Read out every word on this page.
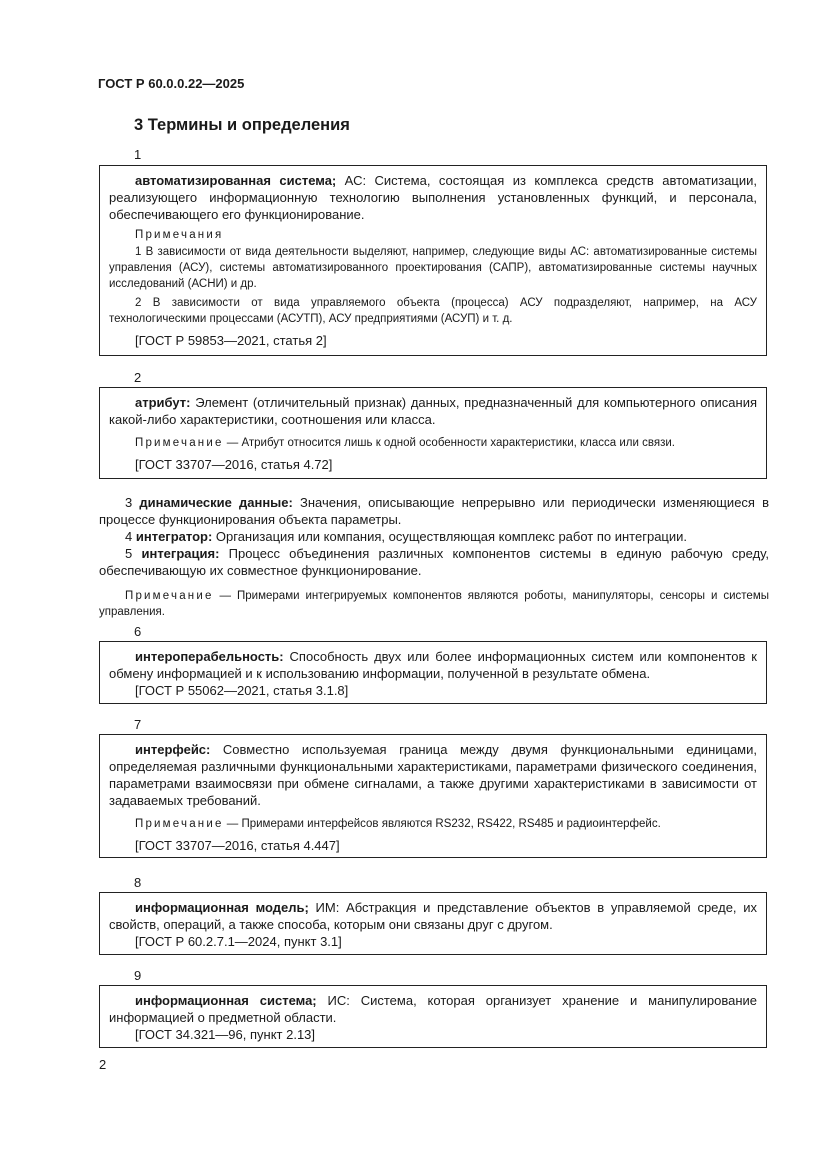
ГОСТ Р 60.0.0.22—2025
3 Термины и определения
1

автоматизированная система; АС: Система, состоящая из комплекса средств автоматизации, реализующего информационную технологию выполнения установленных функций, и персонала, обеспечивающего его функционирование.

Примечания

1 В зависимости от вида деятельности выделяют, например, следующие виды АС: автоматизированные системы управления (АСУ), системы автоматизированного проектирования (САПР), автоматизированные системы научных исследований (АСНИ) и др.

2 В зависимости от вида управляемого объекта (процесса) АСУ подразделяют, например, на АСУ технологическими процессами (АСУТП), АСУ предприятиями (АСУП) и т. д.

[ГОСТ Р 59853—2021, статья 2]

2

атрибут: Элемент (отличительный признак) данных, предназначенный для компьютерного описания какой-либо характеристики, соотношения или класса.

Примечание — Атрибут относится лишь к одной особенности характеристики, класса или связи.

[ГОСТ 33707—2016, статья 4.72]

3 динамические данные: Значения, описывающие непрерывно или периодически изменяющиеся в процессе функционирования объекта параметры.

4 интегратор: Организация или компания, осуществляющая комплекс работ по интеграции.

5 интеграция: Процесс объединения различных компонентов системы в единую рабочую среду, обеспечивающую их совместное функционирование.

Примечание — Примерами интегрируемых компонентов являются роботы, манипуляторы, сенсоры и системы управления.

6

интероперабельность: Способность двух или более информационных систем или компонентов к обмену информацией и к использованию информации, полученной в результате обмена.

[ГОСТ Р 55062—2021, статья 3.1.8]

7

интерфейс: Совместно используемая граница между двумя функциональными единицами, определяемая различными функциональными характеристиками, параметрами физического соединения, параметрами взаимосвязи при обмене сигналами, а также другими характеристиками в зависимости от задаваемых требований.

Примечание — Примерами интерфейсов являются RS232, RS422, RS485 и радиоинтерфейс.

[ГОСТ 33707—2016, статья 4.447]

8

информационная модель; ИМ: Абстракция и представление объектов в управляемой среде, их свойств, операций, а также способа, которым они связаны друг с другом.

[ГОСТ Р 60.2.7.1—2024, пункт 3.1]

9

информационная система; ИС: Система, которая организует хранение и манипулирование информацией о предметной области.

[ГОСТ 34.321—96, пункт 2.13]

2
